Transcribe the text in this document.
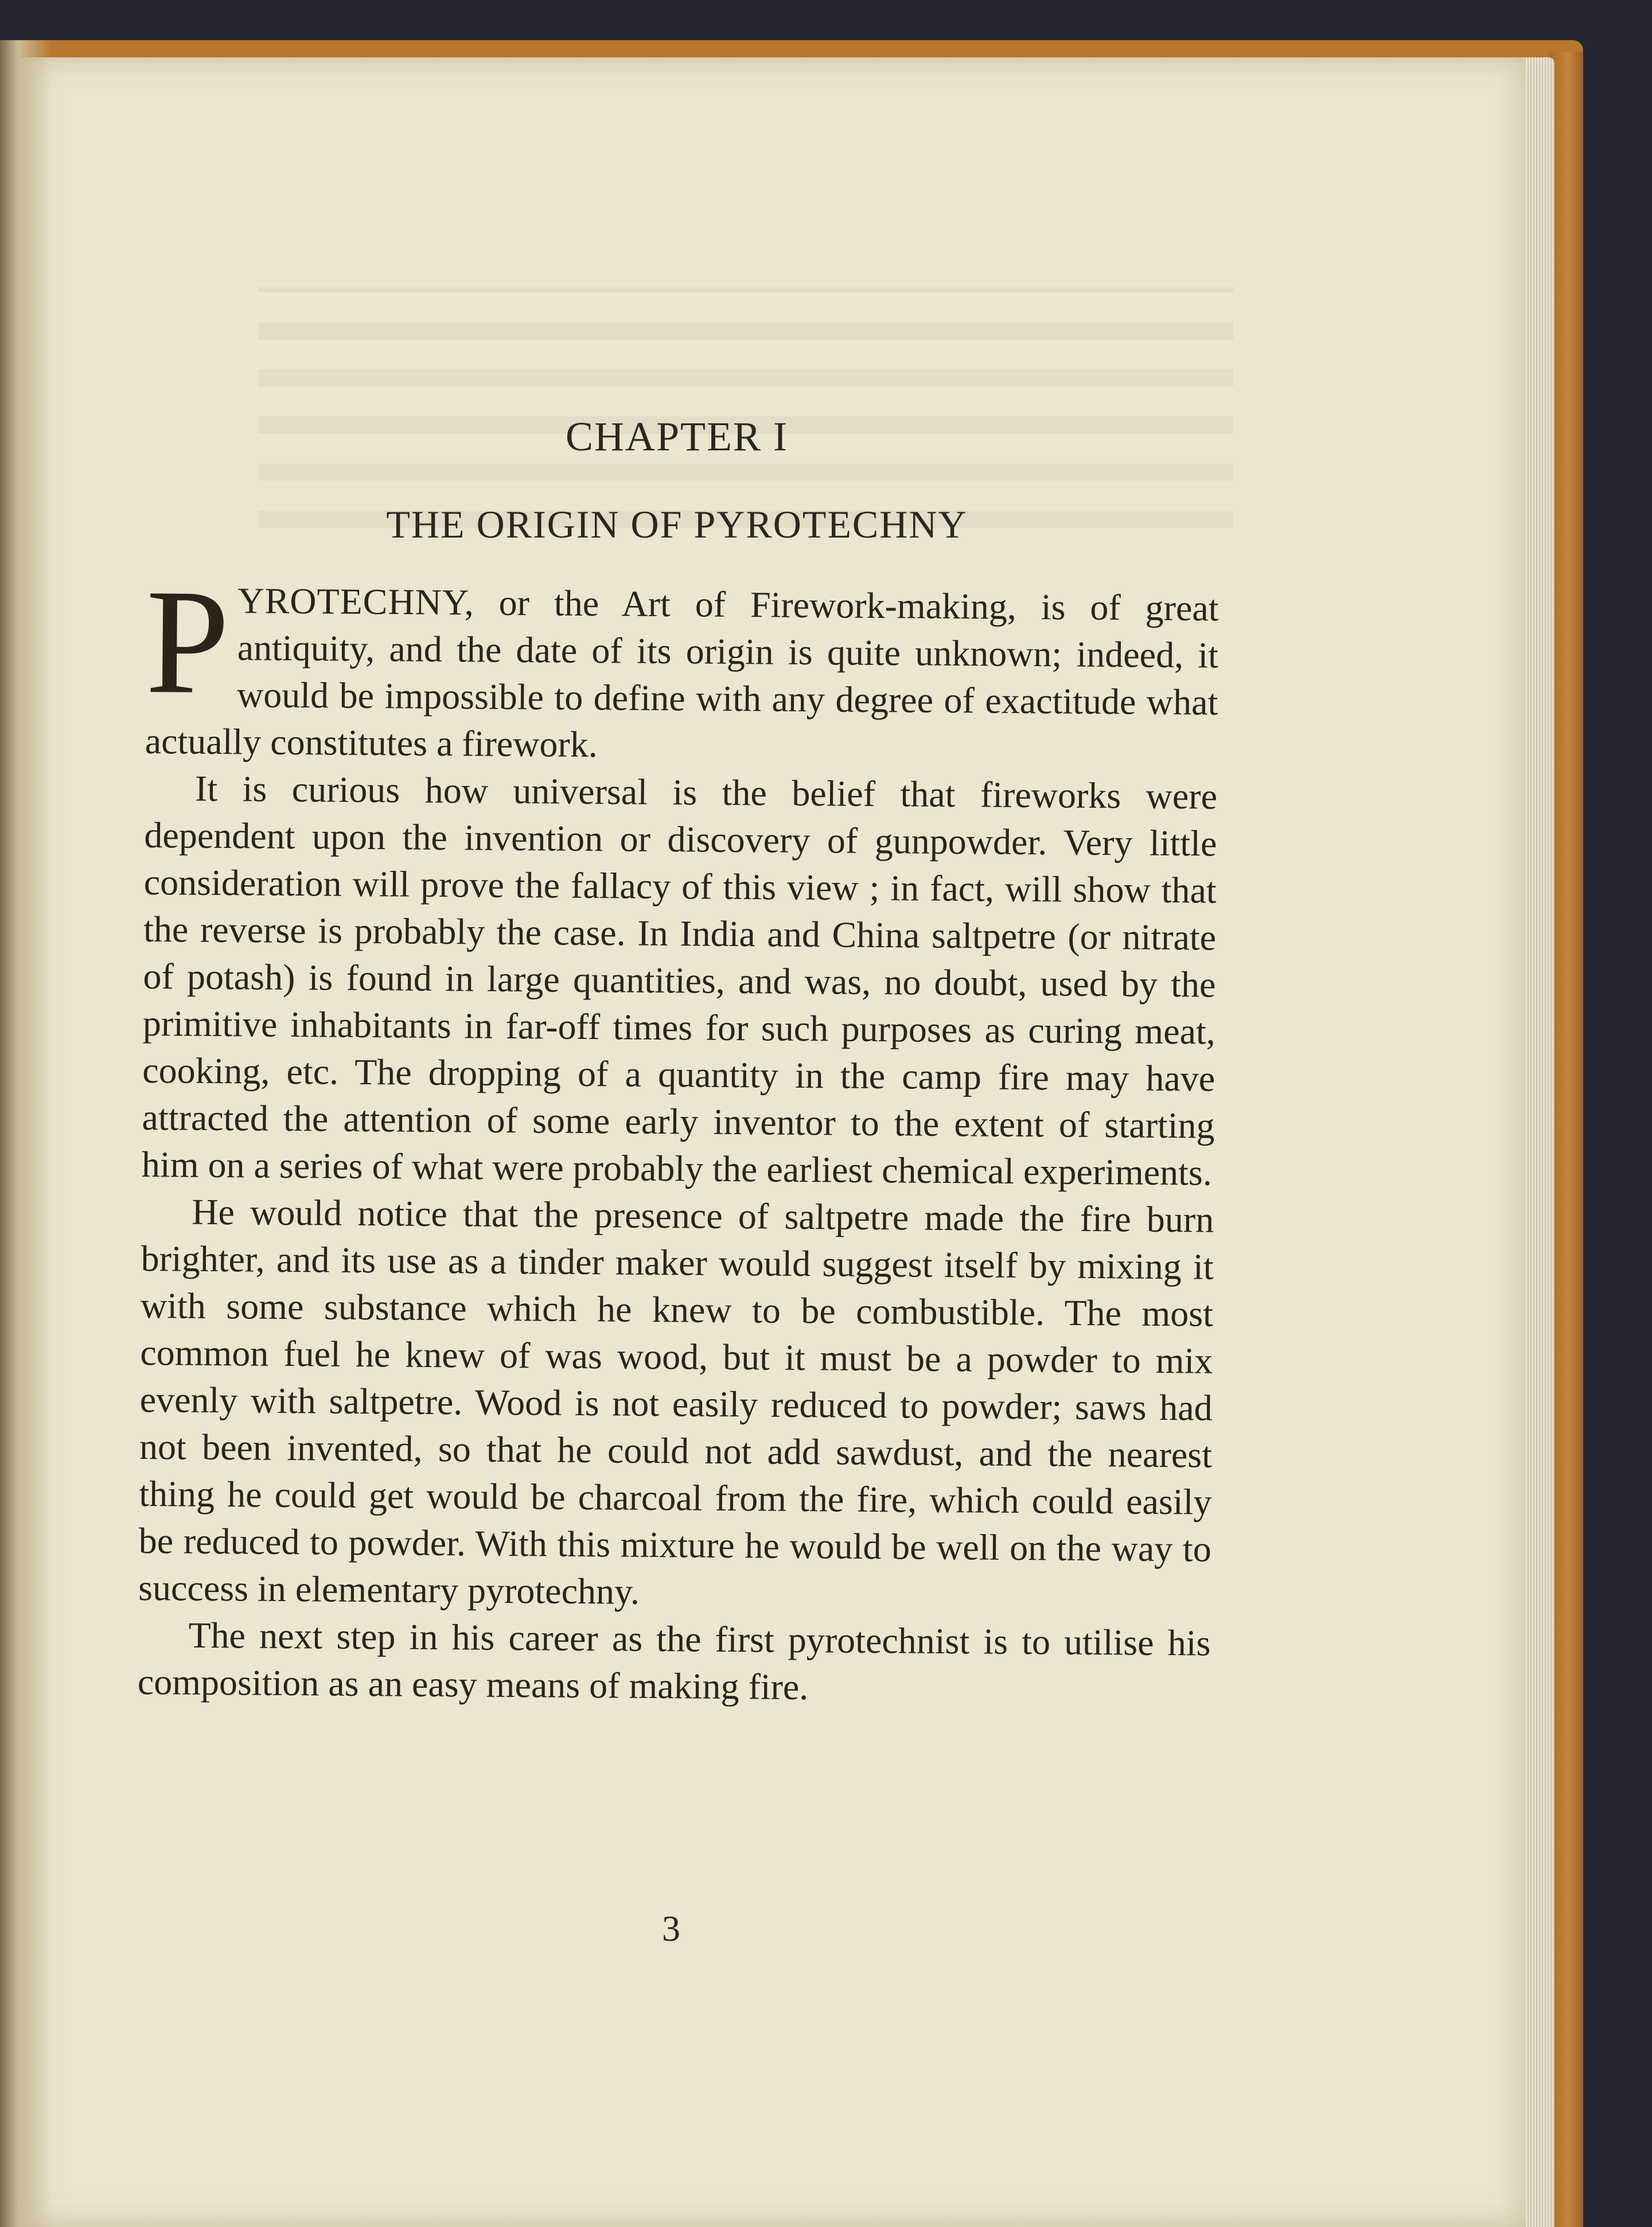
CHAPTER I
THE ORIGIN OF PYROTECHNY

PYROTECHNY, or the Art of Firework-making, is of great antiquity, and the date of its origin is quite unknown; indeed, it would be impossible to define with any degree of exactitude what actually constitutes a firework.

It is curious how universal is the belief that fireworks were dependent upon the invention or discovery of gunpowder. Very little consideration will prove the fallacy of this view ; in fact, will show that the reverse is probably the case. In India and China saltpetre (or nitrate of potash) is found in large quantities, and was, no doubt, used by the primitive inhabitants in far-off times for such purposes as curing meat, cooking, etc. The dropping of a quantity in the camp fire may have attracted the attention of some early inventor to the extent of starting him on a series of what were probably the earliest chemical experiments.

He would notice that the presence of saltpetre made the fire burn brighter, and its use as a tinder maker would suggest itself by mixing it with some substance which he knew to be combustible. The most common fuel he knew of was wood, but it must be a powder to mix evenly with saltpetre. Wood is not easily reduced to powder; saws had not been invented, so that he could not add sawdust, and the nearest thing he could get would be charcoal from the fire, which could easily be reduced to powder. With this mixture he would be well on the way to success in elementary pyrotechny.

The next step in his career as the first pyrotechnist is to utilise his composition as an easy means of making fire.

3
